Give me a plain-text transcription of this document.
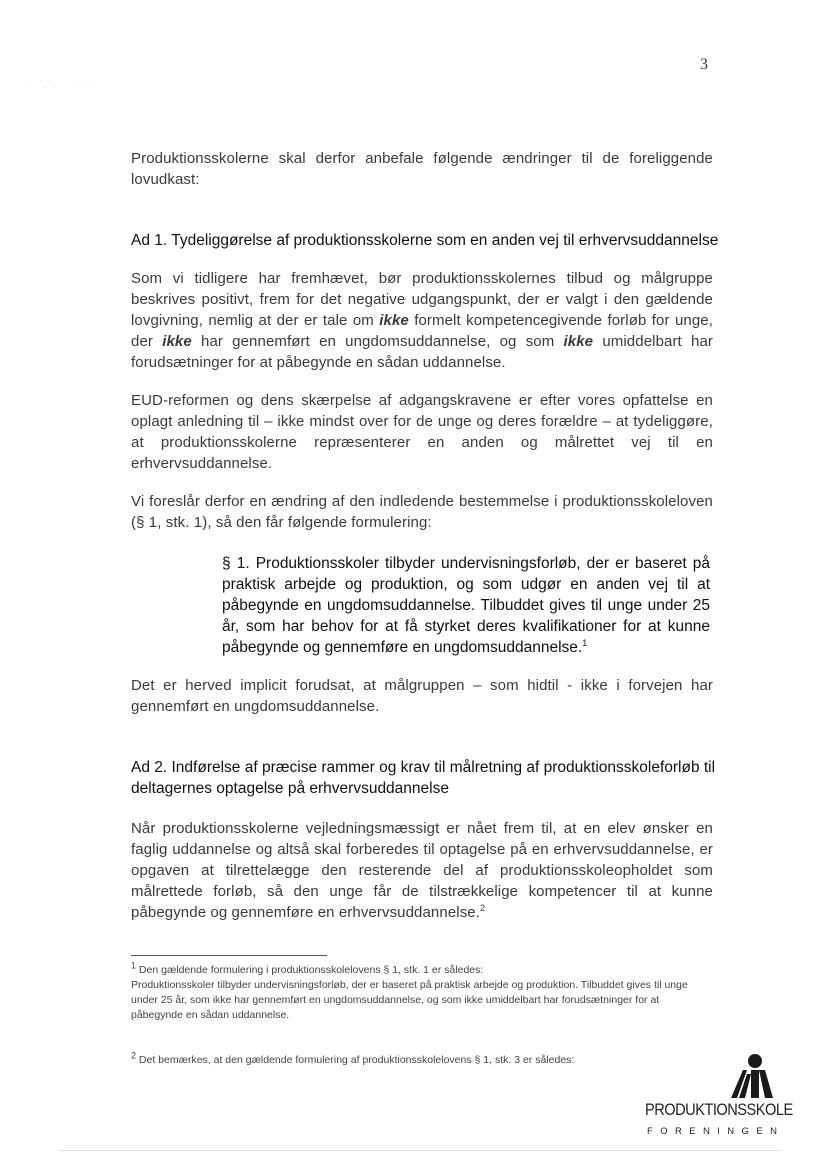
· · ·
· ·   · · ·
3

Produktionsskolerne skal derfor anbefale følgende ændringer til de foreliggende lovudkast:

Ad 1. Tydeliggørelse af produktionsskolerne som en anden vej til erhvervsuddannelse

Som vi tidligere har fremhævet, bør produktionsskolernes tilbud og målgruppe beskrives positivt, frem for det negative udgangspunkt, der er valgt i den gældende lovgivning, nemlig at der er tale om ikke formelt kompetencegivende forløb for unge, der ikke har gennemført en ungdomsuddannelse, og som ikke umiddelbart har forudsætninger for at påbegynde en sådan uddannelse.

EUD-reformen og dens skærpelse af adgangskravene er efter vores opfattelse en oplagt anledning til – ikke mindst over for de unge og deres forældre – at tydeliggøre, at produktionsskolerne repræsenterer en anden og målrettet vej til en erhvervsuddannelse.

Vi foreslår derfor en ændring af den indledende bestemmelse i produktionsskoleloven (§ 1, stk. 1), så den får følgende formulering:

§ 1. Produktionsskoler tilbyder undervisningsforløb, der er baseret på praktisk arbejde og produktion, og som udgør en anden vej til at påbegynde en ungdomsuddannelse. Tilbuddet gives til unge under 25 år, som har behov for at få styrket deres kvalifikationer for at kunne påbegynde og gennemføre en ungdomsuddannelse.$^1$

Det er herved implicit forudsat, at målgruppen – som hidtil - ikke i forvejen har gennemført en ungdomsuddannelse.

Ad 2. Indførelse af præcise rammer og krav til målretning af produktionsskoleforløb til deltagernes optagelse på erhvervsuddannelse

Når produktionsskolerne vejledningsmæssigt er nået frem til, at en elev ønsker en faglig uddannelse og altså skal forberedes til optagelse på en erhvervsuddannelse, er opgaven at tilrettelægge den resterende del af produktionsskoleopholdet som målrettede forløb, så den unge får de tilstrækkelige kompetencer til at kunne påbegynde og gennemføre en erhvervsuddannelse.$^2$

1 Den gældende formulering i produktionsskolelovens § 1, stk. 1 er således:
Produktionsskoler tilbyder undervisningsforløb, der er baseret på praktisk arbejde og produktion. Tilbuddet gives til unge under 25 år, som ikke har gennemført en ungdomsuddannelse, og som ikke umiddelbart har forudsætninger for at påbegynde en sådan uddannelse.
2 Det bemærkes, at den gældende formulering af produktionsskolelovens § 1, stk. 3 er således:
PRODUKTIONSSKOLE
FORENINGEN
